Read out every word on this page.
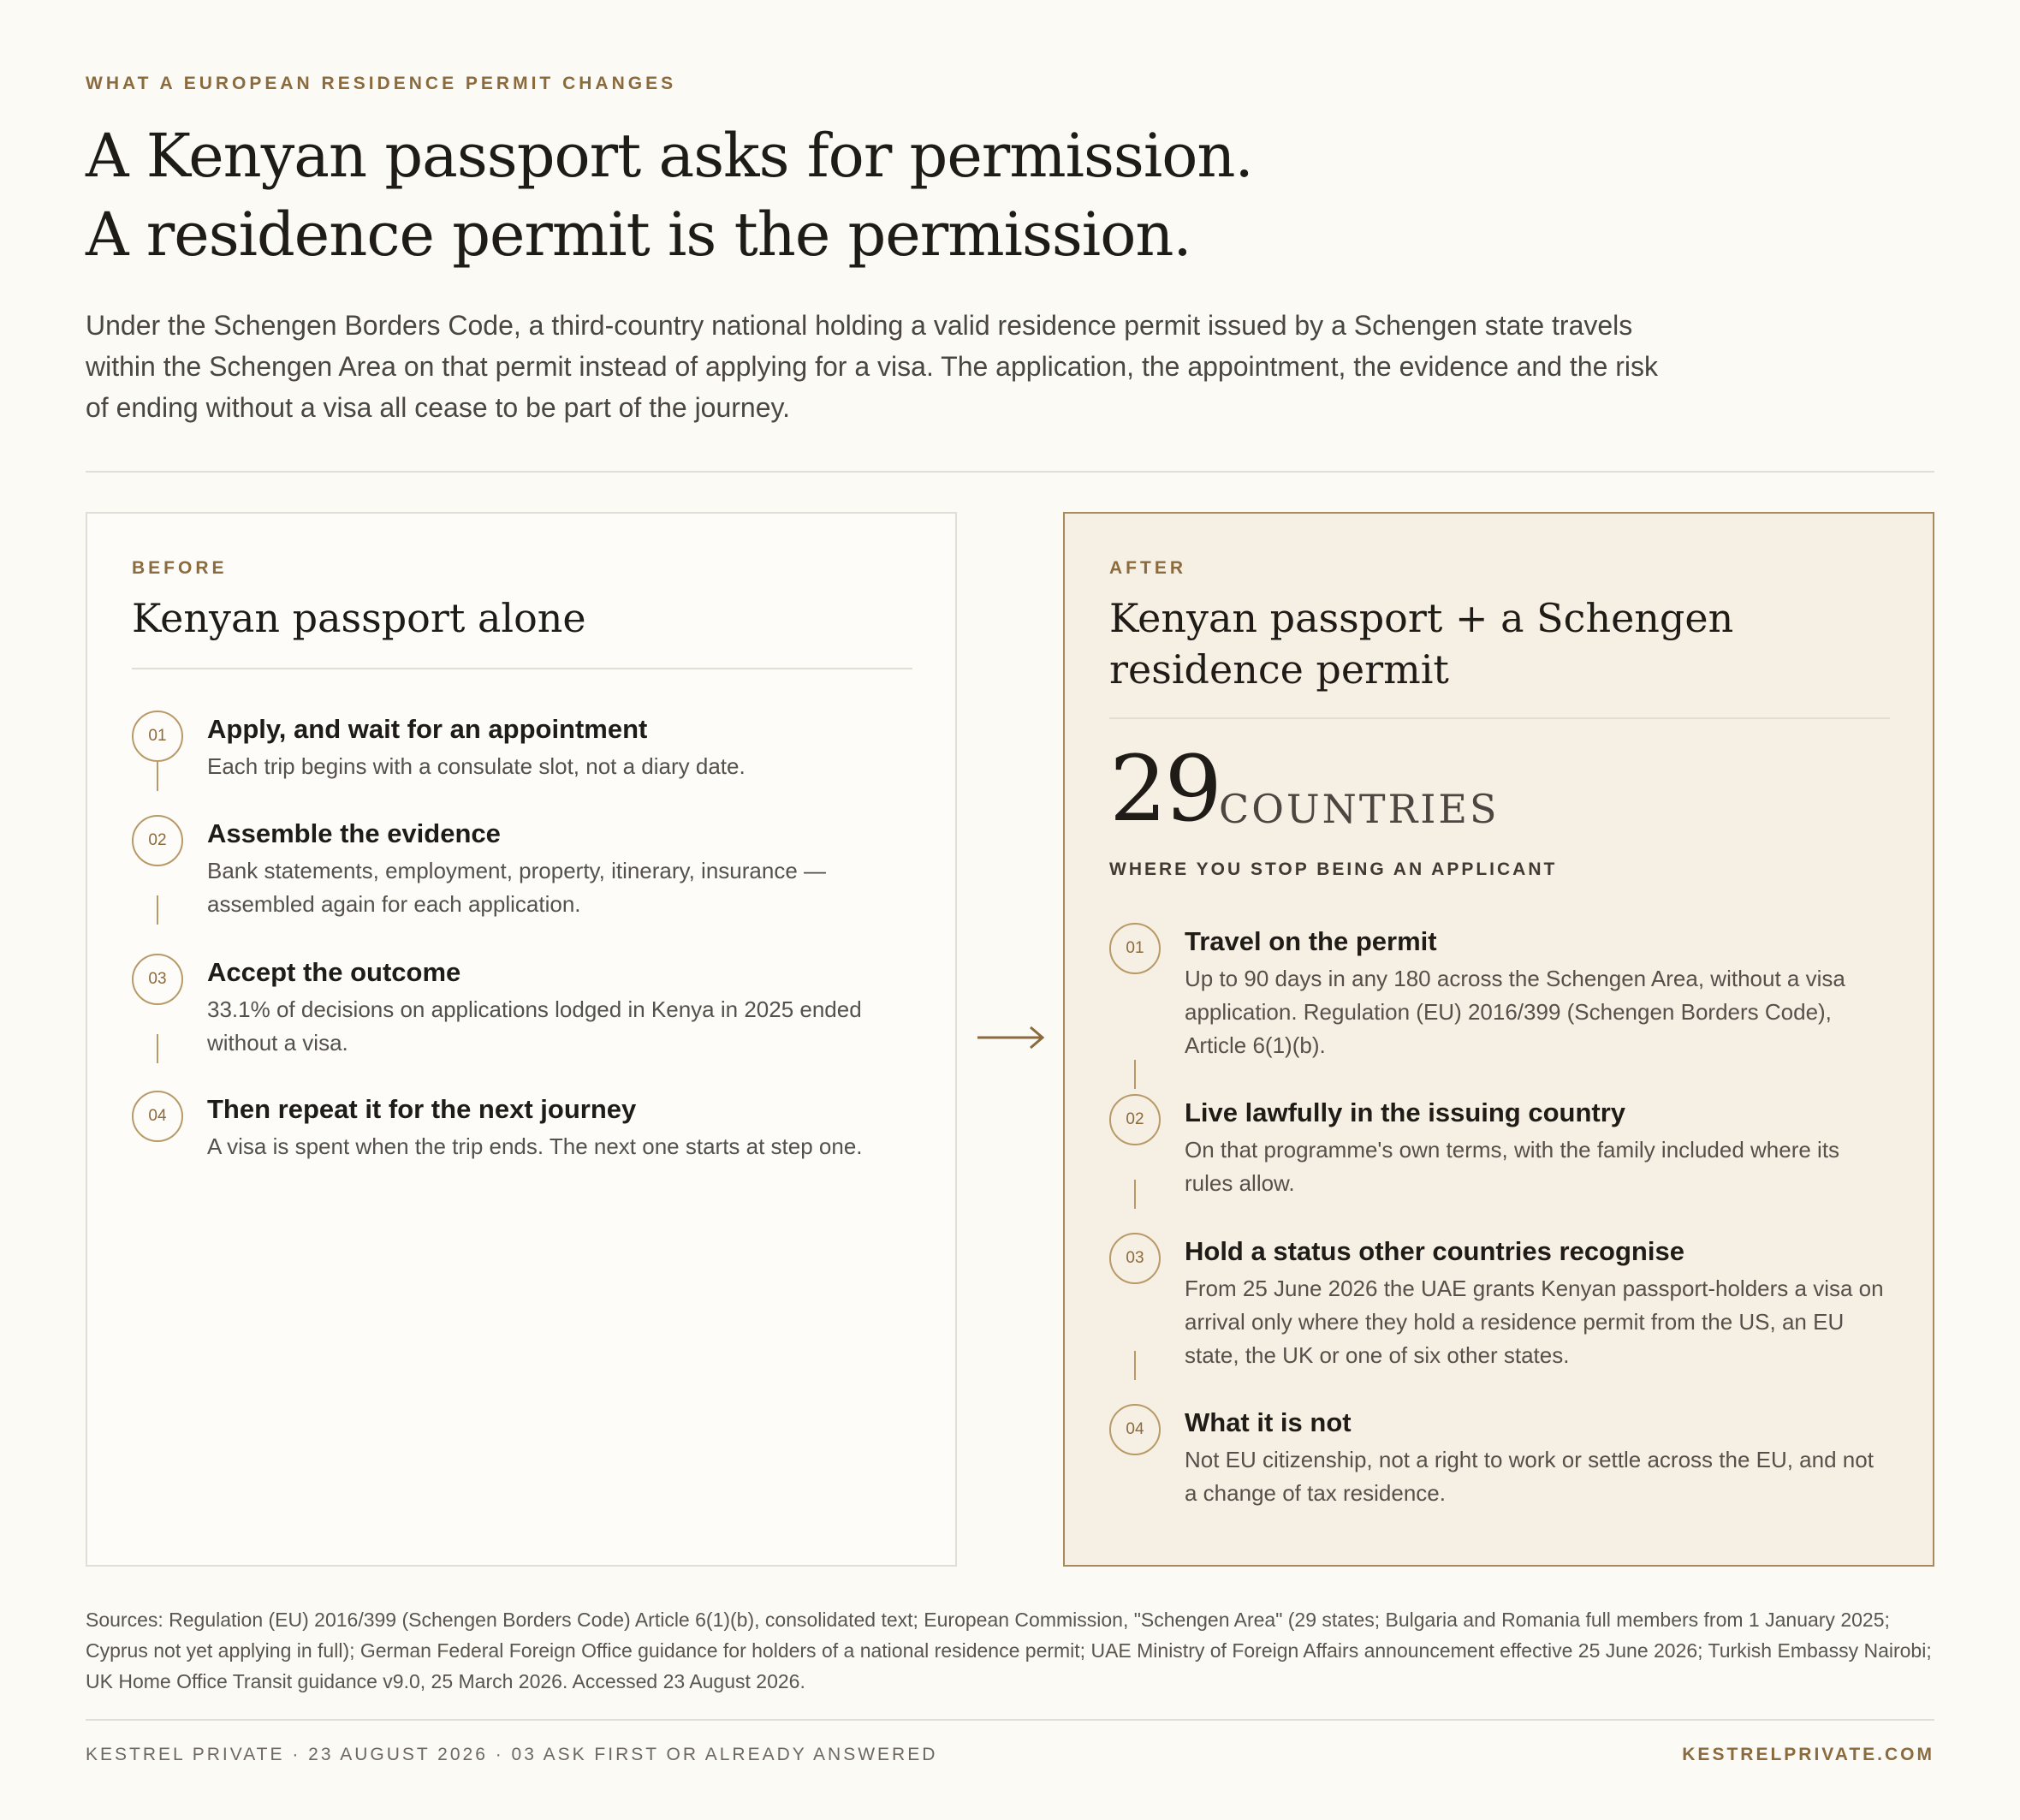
WHAT A EUROPEAN RESIDENCE PERMIT CHANGES
A Kenyan passport asks for permission.
A residence permit is the permission.

Under the Schengen Borders Code, a third-country national holding a valid residence permit issued by a Schengen state travels within the Schengen Area on that permit instead of applying for a visa. The application, the appointment, the evidence and the risk of ending without a visa all cease to be part of the journey.

BEFORE
Kenyan passport alone
01	Apply, and wait for an appointment
Each trip begins with a consulate slot, not a diary date.
02	Assemble the evidence
Bank statements, employment, property, itinerary, insurance — assembled again for each application.
03	Accept the outcome
33.1% of decisions on applications lodged in Kenya in 2025 ended without a visa.
04	Then repeat it for the next journey
A visa is spent when the trip ends. The next one starts at step one.
AFTER
Kenyan passport + a Schengen residence permit
29 COUNTRIES
WHERE YOU STOP BEING AN APPLICANT
01	Travel on the permit
Up to 90 days in any 180 across the Schengen Area, without a visa application. Regulation (EU) 2016/399 (Schengen Borders Code), Article 6(1)(b).
02	Live lawfully in the issuing country
On that programme's own terms, with the family included where its rules allow.
03	Hold a status other countries recognise
From 25 June 2026 the UAE grants Kenyan passport-holders a visa on arrival only where they hold a residence permit from the US, an EU state, the UK or one of six other states.
04	What it is not
Not EU citizenship, not a right to work or settle across the EU, and not a change of tax residence.

Sources: Regulation (EU) 2016/399 (Schengen Borders Code) Article 6(1)(b), consolidated text; European Commission, "Schengen Area" (29 states; Bulgaria and Romania full members from 1 January 2025; Cyprus not yet applying in full); German Federal Foreign Office guidance for holders of a national residence permit; UAE Ministry of Foreign Affairs announcement effective 25 June 2026; Turkish Embassy Nairobi; UK Home Office Transit guidance v9.0, 25 March 2026. Accessed 23 August 2026.

KESTREL PRIVATE · 23 AUGUST 2026 · 03 ASK FIRST OR ALREADY ANSWERED	KESTRELPRIVATE.COM
